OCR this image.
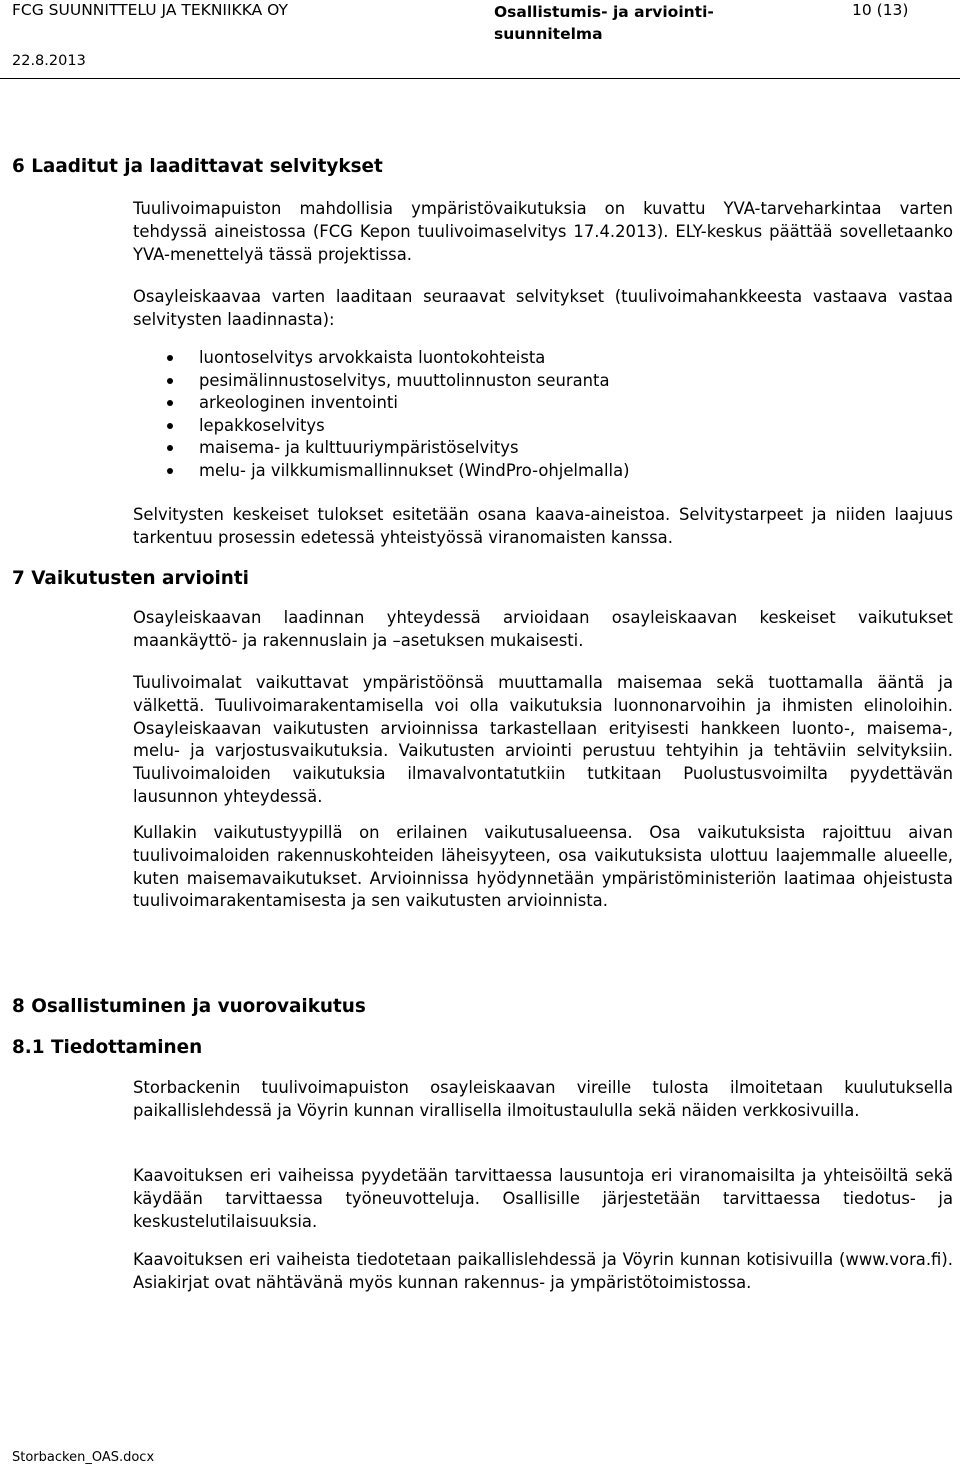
FCG SUUNNITTELU JA TEKNIIKKA OY	Osallistumis- ja arviointi-
suunnitelma
10 (13)
22.8.2013
6 Laaditut ja laadittavat selvitykset
Tuulivoimapuiston mahdollisia ympäristövaikutuksia on kuvattu YVA-tarveharkintaa varten tehdyssä aineistossa (FCG Kepon tuulivoimaselvitys 17.4.2013). ELY-keskus päättää sovelletaanko YVA-menettelyä tässä projektissa.
Osayleiskaavaa varten laaditaan seuraavat selvitykset (tuulivoimahankkeesta vastaava vastaa selvitysten laadinnasta):
luontoselvitys arvokkaista luontokohteista
pesimälinnustoselvitys, muuttolinnuston seuranta
arkeologinen inventointi
lepakkoselvitys
maisema- ja kulttuuriympäristöselvitys
melu- ja vilkkumismallinnukset (WindPro-ohjelmalla)
Selvitysten keskeiset tulokset esitetään osana kaava-aineistoa. Selvitystarpeet ja niiden laajuus tarkentuu prosessin edetessä yhteistyössä viranomaisten kanssa.
7 Vaikutusten arviointi
Osayleiskaavan laadinnan yhteydessä arvioidaan osayleiskaavan keskeiset vaikutukset maankäyttö- ja rakennuslain ja –asetuksen mukaisesti.
Tuulivoimalat vaikuttavat ympäristöönsä muuttamalla maisemaa sekä tuottamalla ääntä ja välkettä. Tuulivoimarakentamisella voi olla vaikutuksia luonnonarvoihin ja ihmisten elinoloihin. Osayleiskaavan vaikutusten arvioinnissa tarkastellaan erityisesti hankkeen luonto-, maisema-, melu- ja varjostusvaikutuksia. Vaikutusten arviointi perustuu tehtyihin ja tehtäviin selvityksiin. Tuulivoimaloiden vaikutuksia ilmavalvontatutkiin tutkitaan Puolustusvoimilta pyydettävän lausunnon yhteydessä.
Kullakin vaikutustyypillä on erilainen vaikutusalueensa. Osa vaikutuksista rajoittuu aivan tuulivoimaloiden rakennuskohteiden läheisyyteen, osa vaikutuksista ulottuu laajemmalle alueelle, kuten maisemavaikutukset. Arvioinnissa hyödynnetään ympäristöministeriön laatimaa ohjeistusta tuulivoimarakentamisesta ja sen vaikutusten arvioinnista.
8 Osallistuminen ja vuorovaikutus
8.1 Tiedottaminen
Storbackenin tuulivoimapuiston osayleiskaavan vireille tulosta ilmoitetaan kuulutuksella paikallislehdessä ja Vöyrin kunnan virallisella ilmoitustaululla sekä näiden verkkosivuilla.
Kaavoituksen eri vaiheissa pyydetään tarvittaessa lausuntoja eri viranomaisilta ja yhteisöiltä sekä käydään tarvittaessa työneuvotteluja. Osallisille järjestetään tarvittaessa tiedotus- ja keskustelutilaisuuksia.
Kaavoituksen eri vaiheista tiedotetaan paikallislehdessä ja Vöyrin kunnan kotisivuilla (www.vora.fi). Asiakirjat ovat nähtävänä myös kunnan rakennus- ja ympäristötoimistossa.
Storbacken_OAS.docx
